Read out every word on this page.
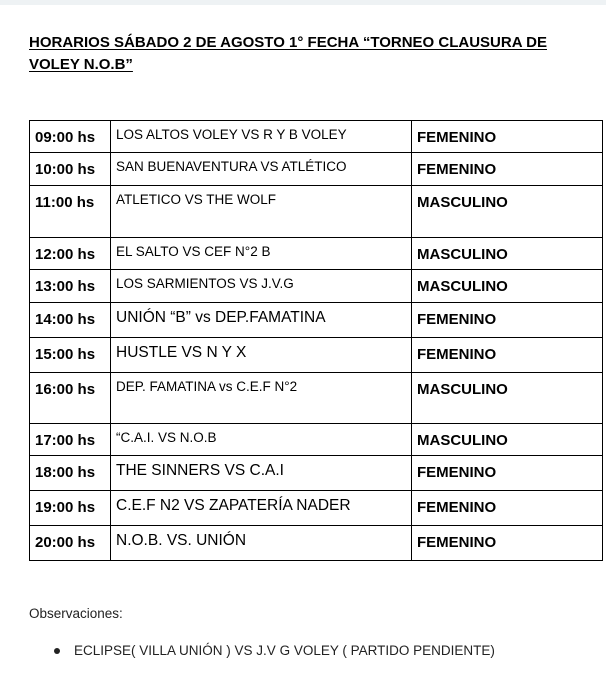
HORARIOS SÁBADO 2 DE AGOSTO 1° FECHA “TORNEO CLAUSURA DE VOLEY N.O.B”
09:00 hs	LOS ALTOS VOLEY VS R Y B VOLEY	FEMENINO

10:00 hs	SAN BUENAVENTURA VS ATLÉTICO	FEMENINO

11:00 hs	ATLETICO VS THE WOLF	MASCULINO

12:00 hs	EL SALTO VS CEF N°2 B	MASCULINO

13:00 hs	LOS SARMIENTOS VS J.V.G	MASCULINO

14:00 hs	UNIÓN “B” vs DEP.FAMATINA	FEMENINO

15:00 hs	HUSTLE VS N Y X	FEMENINO

16:00 hs	DEP. FAMATINA vs C.E.F N°2	MASCULINO

17:00 hs	“C.A.I. VS N.O.B	MASCULINO

18:00 hs	THE SINNERS VS C.A.I	FEMENINO

19:00 hs	C.E.F N2 VS ZAPATERÍA NADER	FEMENINO

20:00 hs	N.O.B. VS. UNIÓN	FEMENINO
Observaciones:
ECLIPSE( VILLA UNIÓN ) VS J.V G VOLEY ( PARTIDO PENDIENTE)
